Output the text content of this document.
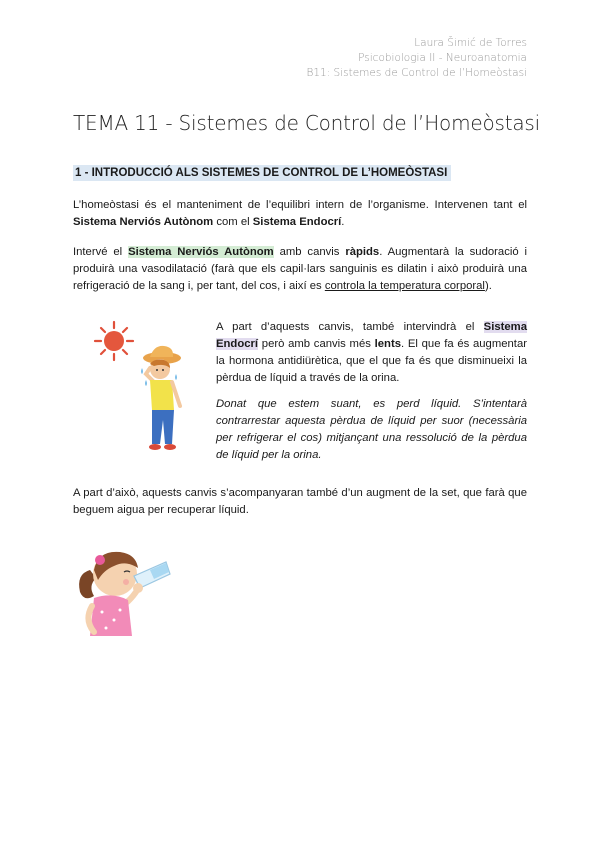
Laura Šimić de Torres
Psicobiologia II - Neuroanatomia
B11: Sistemes de Control de l’Homeòstasi
TEMA 11 - Sistemes de Control de l’Homeòstasi
1 - INTRODUCCIÓ ALS SISTEMES DE CONTROL DE L’HOMEÒSTASI

L’homeòstasi és el manteniment de l’equilibri intern de l’organisme. Intervenen tant el Sistema Nerviós Autònom com el Sistema Endocrí.

Intervé el Sistema Nerviós Autònom amb canvis ràpids. Augmentarà la sudoració i produirà una vasodilatació (farà que els capil·lars sanguinis es dilatin i això produirà una refrigeració de la sang i, per tant, del cos, i així es controla la temperatura corporal).

A part d’aquests canvis, també intervindrà el Sistema Endocrí però amb canvis més lents. El que fa és augmentar la hormona antidiürètica, que el que fa és que disminueixi la pèrdua de líquid a través de la orina.

Donat que estem suant, es perd líquid. S’intentarà contrarrestar aquesta pèrdua de líquid per suor (necessària per refrigerar el cos) mitjançant una ressolució de la pèrdua de líquid per la orina.

A part d’això, aquests canvis s’acompanyaran també d’un augment de la set, que farà que beguem aigua per recuperar líquid.
